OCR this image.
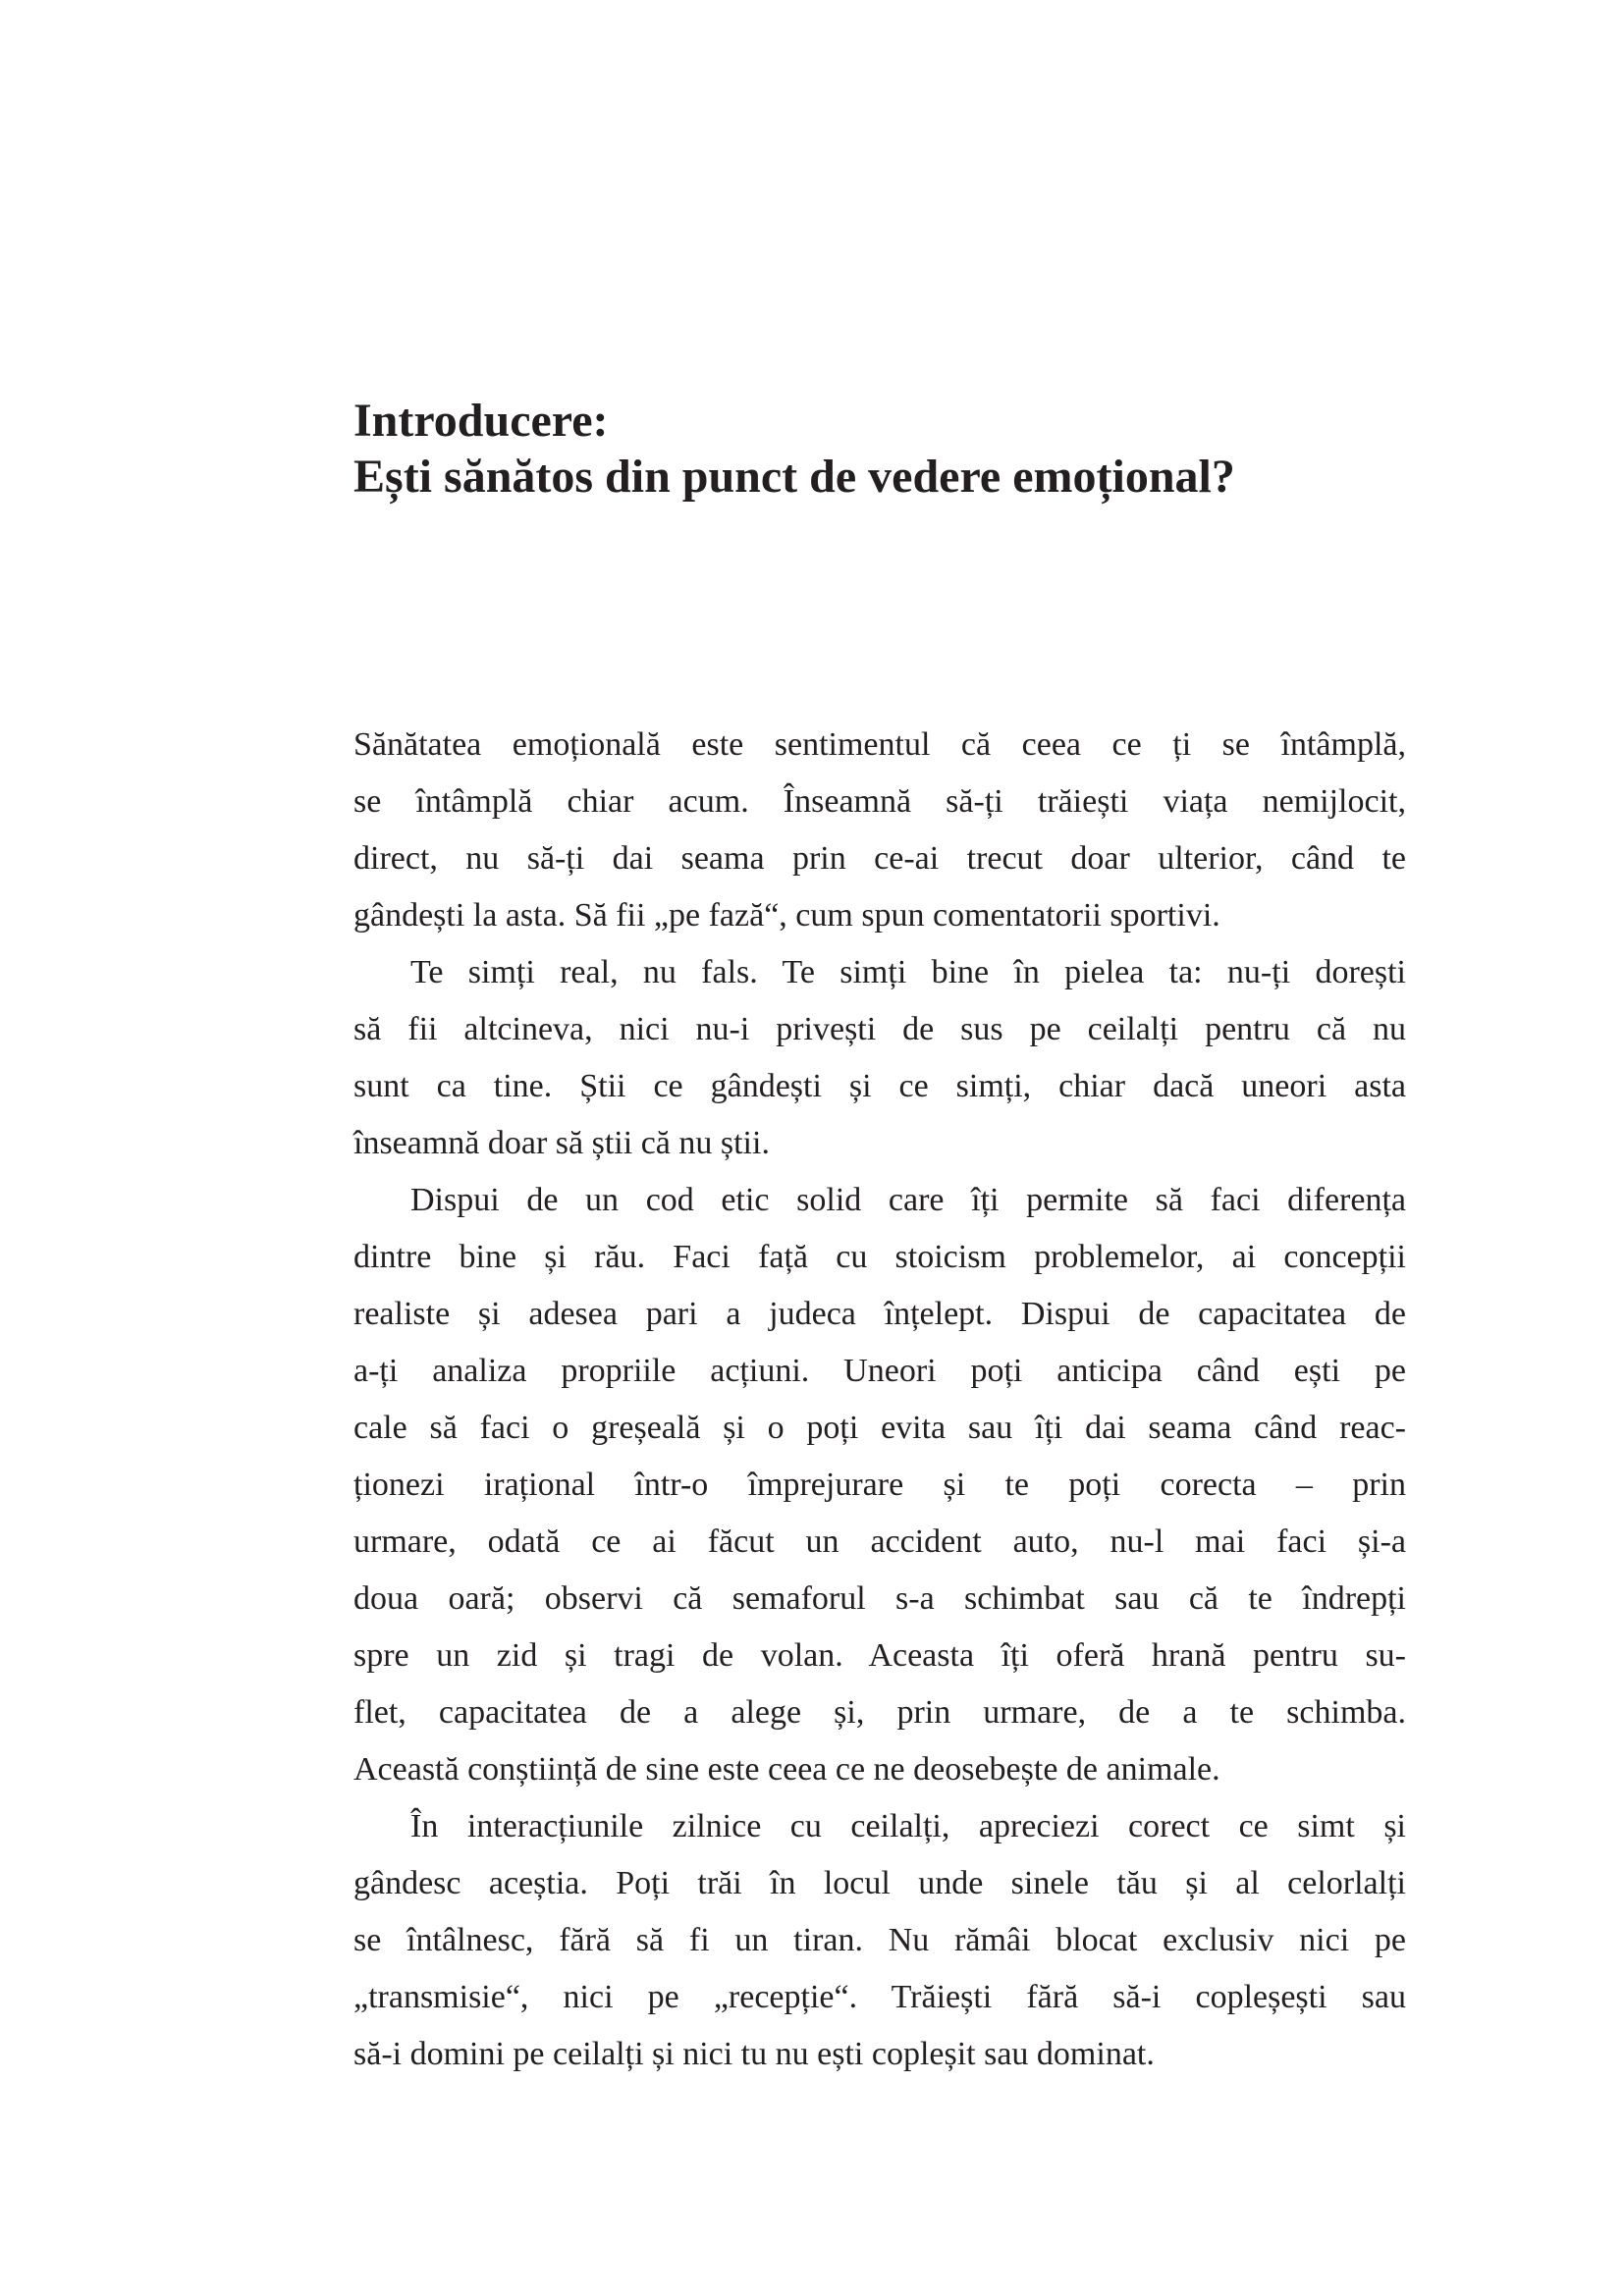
Introducere:
Ești sănătos din punct de vedere emoțional?
Sănătatea emoțională este sentimentul că ceea ce ți se întâmplă,
se întâmplă chiar acum. Înseamnă să-ți trăiești viața nemijlocit,
direct, nu să-ți dai seama prin ce-ai trecut doar ulterior, când te
gândești la asta. Să fii „pe fază“, cum spun comentatorii sportivi.
Te simți real, nu fals. Te simți bine în pielea ta: nu-ți dorești
să fii altcineva, nici nu-i privești de sus pe ceilalți pentru că nu
sunt ca tine. Știi ce gândești și ce simți, chiar dacă uneori asta
înseamnă doar să știi că nu știi.
Dispui de un cod etic solid care îți permite să faci diferența
dintre bine și rău. Faci față cu stoicism problemelor, ai concepții
realiste și adesea pari a judeca înțelept. Dispui de capacitatea de
a-ți analiza propriile acțiuni. Uneori poți anticipa când ești pe
cale să faci o greșeală și o poți evita sau îți dai seama când reac-
ționezi irațional într-o împrejurare și te poți corecta – prin
urmare, odată ce ai făcut un accident auto, nu-l mai faci și-a
doua oară; observi că semaforul s-a schimbat sau că te îndrepți
spre un zid și tragi de volan. Aceasta îți oferă hrană pentru su-
flet, capacitatea de a alege și, prin urmare, de a te schimba.
Această conștiință de sine este ceea ce ne deosebește de animale.
În interacțiunile zilnice cu ceilalți, apreciezi corect ce simt și
gândesc aceștia. Poți trăi în locul unde sinele tău și al celorlalți
se întâlnesc, fără să fi un tiran. Nu rămâi blocat exclusiv nici pe
„transmisie“, nici pe „recepție“. Trăiești fără să-i copleșești sau
să-i domini pe ceilalți și nici tu nu ești copleșit sau dominat.
